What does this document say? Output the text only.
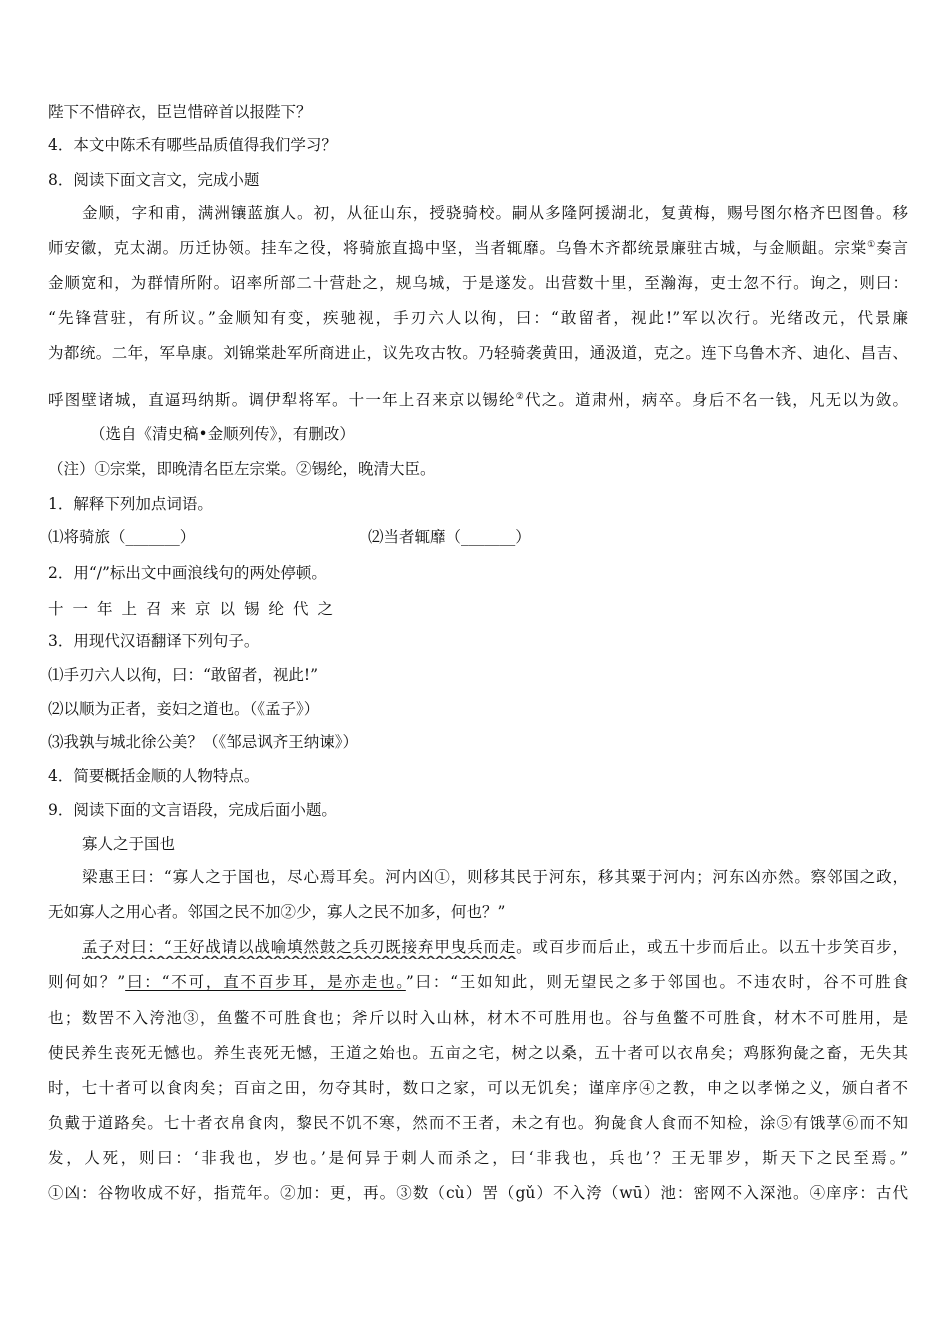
陛下不惜碎衣，臣岂惜碎首以报陛下？
4．本文中陈禾有哪些品质值得我们学习？
8．阅读下面文言文，完成小题
金顺，字和甫，满洲镶蓝旗人。初，从征山东，授骁骑校。嗣从多隆阿援湖北，复黄梅，赐号图尔格齐巴图鲁。移
师安徽，克太湖。历迁协领。挂车之役，将骑旅直捣中坚，当者辄靡。乌鲁木齐都统景廉驻古城，与金顺龃。宗棠①奏言
金顺宽和，为群情所附。诏率所部二十营赴之，规乌城，于是遂发。出营数十里，至瀚海，吏士忽不行。询之，则曰：
“先锋营驻，有所议。”金顺知有变，疾驰视，手刃六人以徇，曰：“敢留者，视此!”军以次行。光绪改元，代景廉
为都统。二年，军阜康。刘锦棠赴军所商进止，议先攻古牧。乃轻骑袭黄田，通汲道，克之。连下乌鲁木齐、迪化、昌吉、
呼图壁诸城，直逼玛纳斯。调伊犁将军。十一年上召来京以锡纶②代之。道肃州，病卒。身后不名一钱，凡无以为敛。
（选自《清史稿•金顺列传》，有删改）
（注）①宗棠，即晚清名臣左宗棠。②锡纶，晚清大臣。
1．解释下列加点词语。
⑴将骑旅（_______）	⑵当者辄靡（_______）
2．用“/”标出文中画浪线句的两处停顿。
十一年上召来京以锡纶代之
3．用现代汉语翻译下列句子。
⑴手刃六人以徇，曰：“敢留者，视此!”
⑵以顺为正者，妾妇之道也。（《孟子》）
⑶我孰与城北徐公美？（《邹忌讽齐王纳谏》）
4．简要概括金顺的人物特点。
9．阅读下面的文言语段，完成后面小题。
寡人之于国也
梁惠王曰：“寡人之于国也，尽心焉耳矣。河内凶①，则移其民于河东，移其粟于河内；河东凶亦然。察邻国之政，
无如寡人之用心者。邻国之民不加②少，寡人之民不加多，何也？”
孟子对曰：“王好战请以战喻填然鼓之兵刃既接弃甲曳兵而走。或百步而后止，或五十步而后止。以五十步笑百步，
则何如？”曰：“不可，直不百步耳，是亦走也。”曰：“王如知此，则无望民之多于邻国也。不违农时，谷不可胜食
也；数罟不入洿池③，鱼鳖不可胜食也；斧斤以时入山林，材木不可胜用也。谷与鱼鳖不可胜食，材木不可胜用，是
使民养生丧死无憾也。养生丧死无憾，王道之始也。五亩之宅，树之以桑，五十者可以衣帛矣；鸡豚狗彘之畜，无失其
时，七十者可以食肉矣；百亩之田，勿夺其时，数口之家，可以无饥矣；谨庠序④之教，申之以孝悌之义，颁白者不
负戴于道路矣。七十者衣帛食肉，黎民不饥不寒，然而不王者，未之有也。狗彘食人食而不知检，涂⑤有饿莩⑥而不知
发，人死，则曰：‘非我也，岁也。’是何异于刺人而杀之，曰‘非我也，兵也’？王无罪岁，斯天下之民至焉。”
①凶：谷物收成不好，指荒年。②加：更，再。③数（cù）罟（gǔ）不入洿（wū）池：密网不入深池。④庠序：古代
